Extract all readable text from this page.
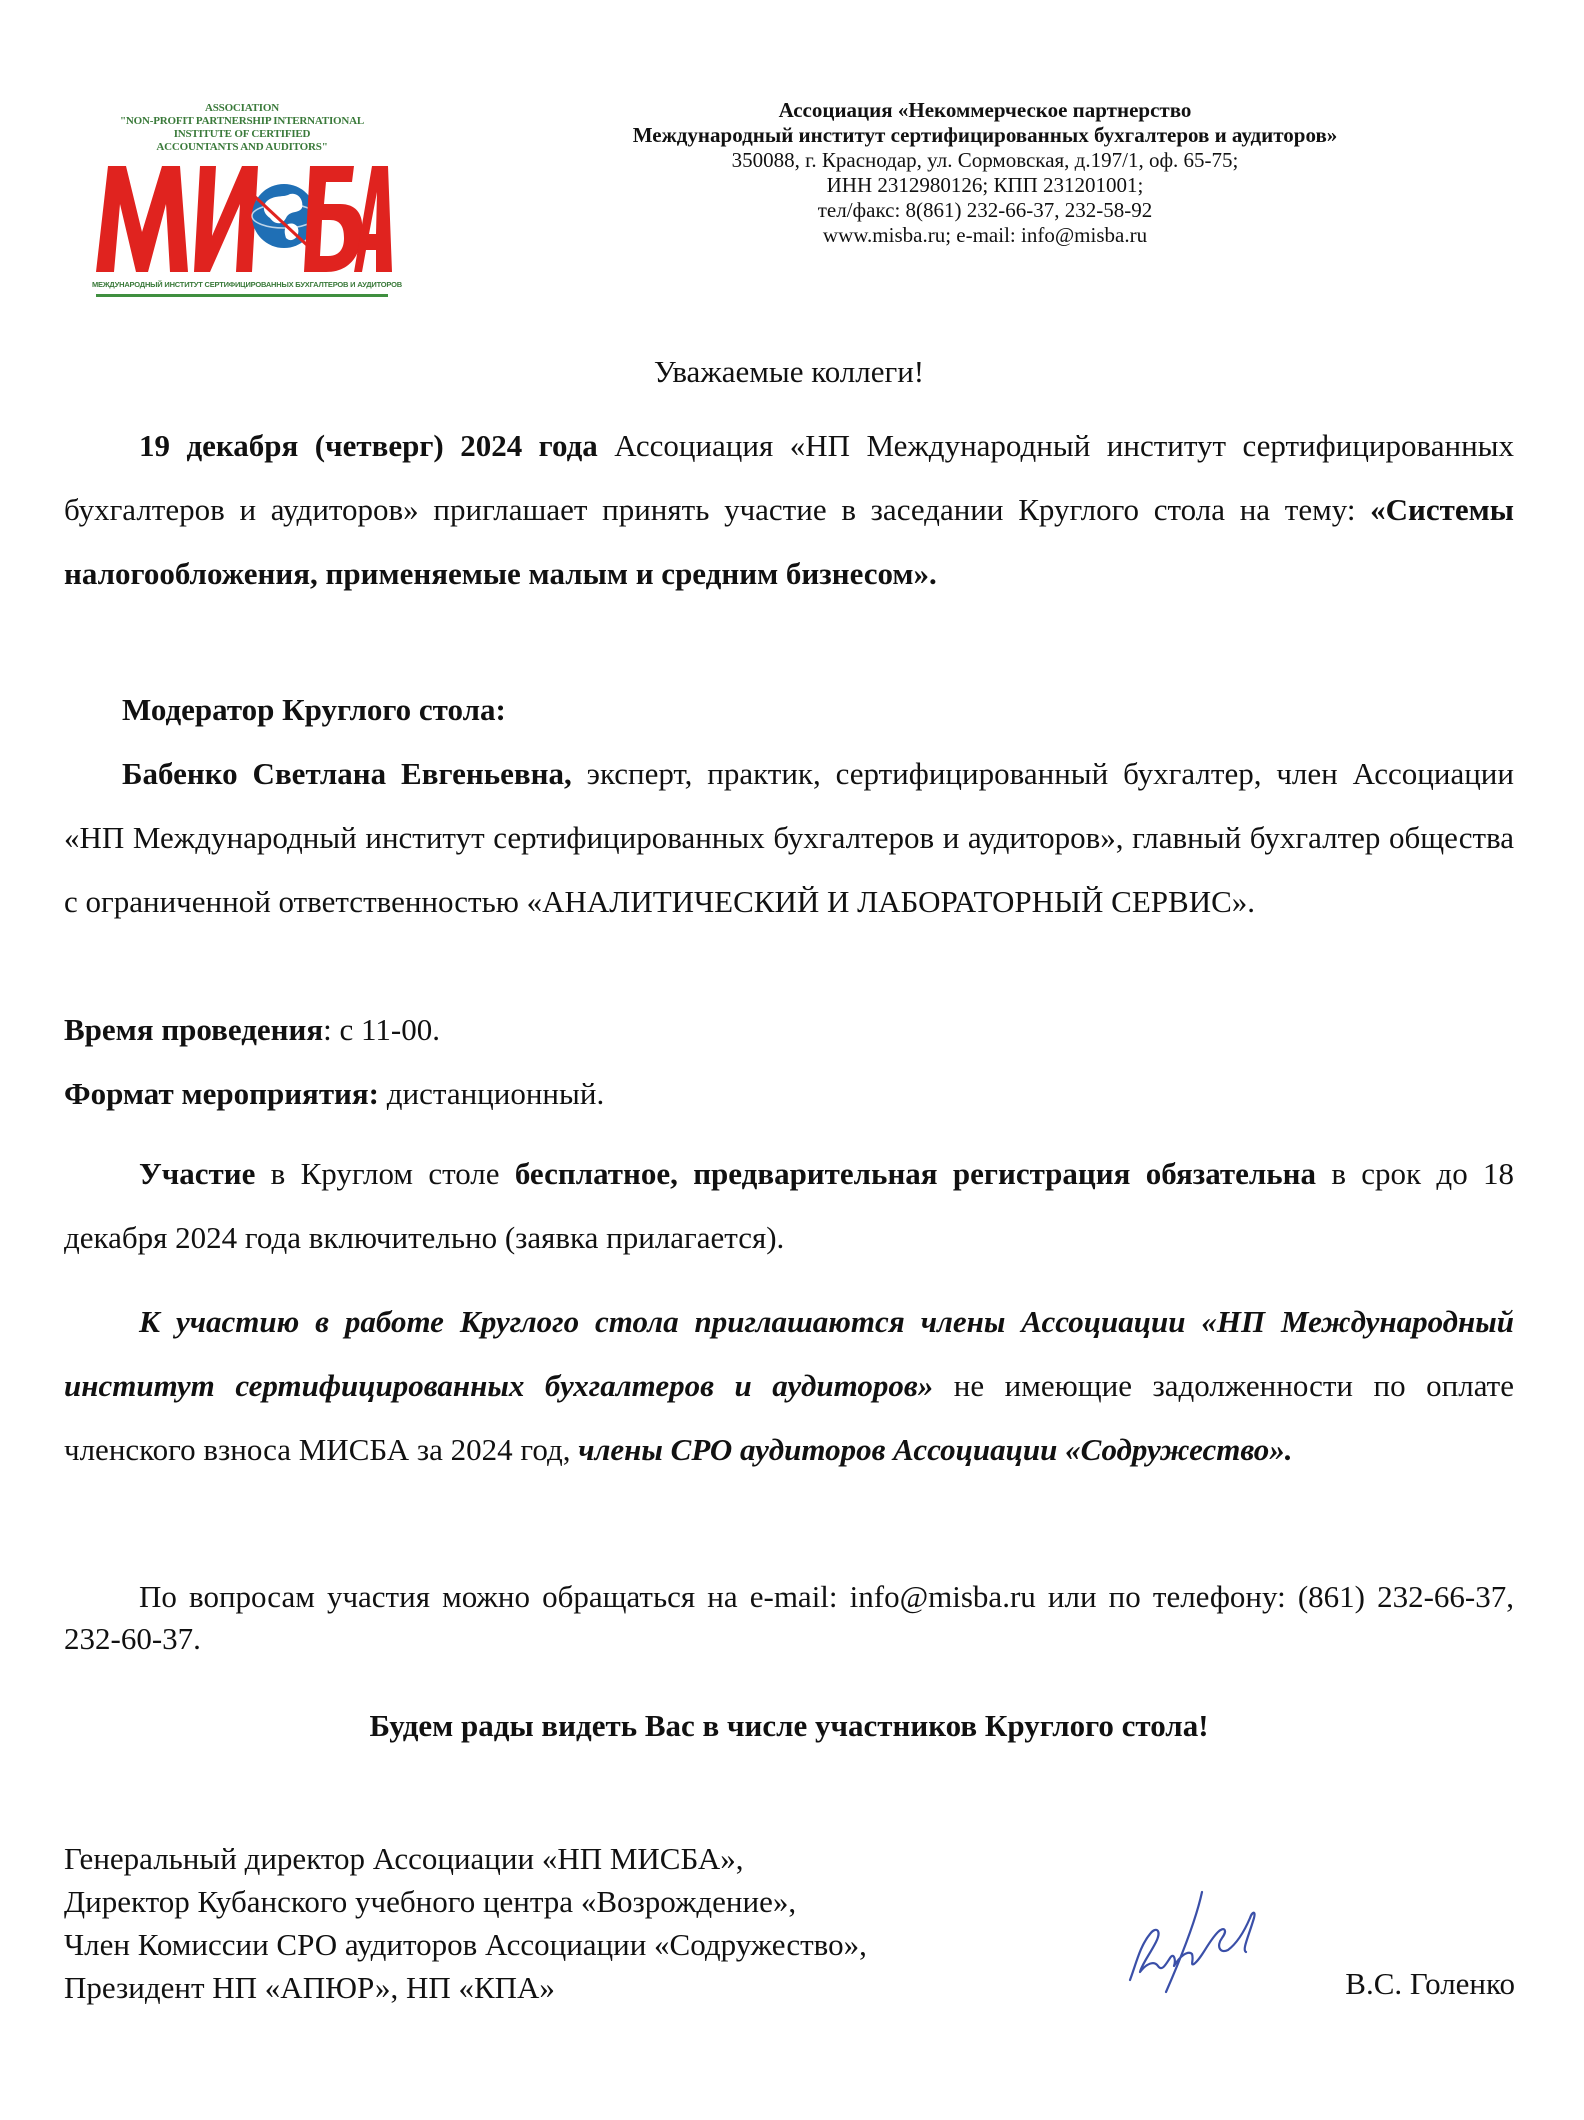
ASSOCIATION
"NON-PROFIT PARTNERSHIP INTERNATIONAL INSTITUTE OF CERTIFIED
ACCOUNTANTS AND AUDITORS"
МЕЖДУНАРОДНЫЙ ИНСТИТУТ СЕРТИФИЦИРОВАННЫХ БУХГАЛТЕРОВ И АУДИТОРОВ
Ассоциация «Некоммерческое партнерство
Международный институт сертифицированных бухгалтеров и аудиторов»
350088, г. Краснодар, ул. Сормовская, д.197/1, оф. 65-75;
ИНН 2312980126; КПП 231201001;
тел/факс: 8(861) 232-66-37, 232-58-92
www.misba.ru; e-mail: info@misba.ru
Уважаемые коллеги!

19 декабря (четверг) 2024 года Ассоциация «НП Международный институт сертифицированных бухгалтеров и аудиторов» приглашает принять участие в заседании Круглого стола на тему: «Системы налогообложения, применяемые малым и средним бизнесом».

Модератор Круглого стола:

Бабенко Светлана Евгеньевна, эксперт, практик, сертифицированный бухгалтер, член Ассоциации «НП Международный институт сертифицированных бухгалтеров и аудиторов», главный бухгалтер общества с ограниченной ответственностью «АНАЛИТИЧЕСКИЙ И ЛАБОРАТОРНЫЙ СЕРВИС».

Время проведения: с 11-00.

Формат мероприятия: дистанционный.

Участие в Круглом столе бесплатное, предварительная регистрация обязательна в срок до 18 декабря 2024 года включительно (заявка прилагается).

К участию в работе Круглого стола приглашаются члены Ассоциации «НП Международный институт сертифицированных бухгалтеров и аудиторов» не имеющие задолженности по оплате членского взноса МИСБА за 2024 год, члены СРО аудиторов Ассоциации «Содружество».

По вопросам участия можно обращаться на e-mail: info@misba.ru или по телефону: (861) 232-66-37, 232-60-37.

Будем рады видеть Вас в числе участников Круглого стола!
Генеральный директор Ассоциации «НП МИСБА»,
Директор Кубанского учебного центра «Возрождение»,
Член Комиссии СРО аудиторов Ассоциации «Содружество»,
Президент НП «АПЮР», НП «КПА»	В.С. Голенко
